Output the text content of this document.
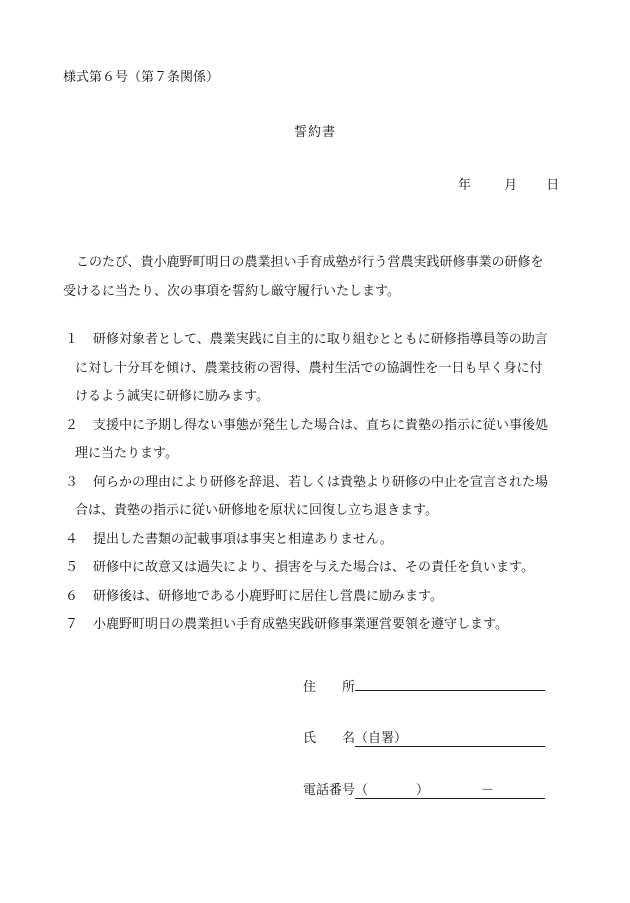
様式第６号（第７条関係）
誓約書
年	月 日
このたび、貴小鹿野町明日の農業担い手育成塾が行う営農実践研修事業の研修を
受けるに当たり、次の事項を誓約し厳守履行いたします。
１ 研修対象者として、農業実践に自主的に取り組むとともに研修指導員等の助言
に対し十分耳を傾け、農業技術の習得、農村生活での協調性を一日も早く身に付
けるよう誠実に研修に励みます。
２ 支援中に予期し得ない事態が発生した場合は、直ちに貴塾の指示に従い事後処
理に当たります。
３ 何らかの理由により研修を辞退、若しくは貴塾より研修の中止を宣言された場
合は、貴塾の指示に従い研修地を原状に回復し立ち退きます。
４ 提出した書類の記載事項は事実と相違ありません。
５ 研修中に故意又は過失により、損害を与えた場合は、その責任を負います。
６ 研修後は、研修地である小鹿野町に居住し営農に励みます。
７ 小鹿野町明日の農業担い手育成塾実践研修事業運営要領を遵守します。
住　　所
氏　　名（自署）
電話番号（	）	－
